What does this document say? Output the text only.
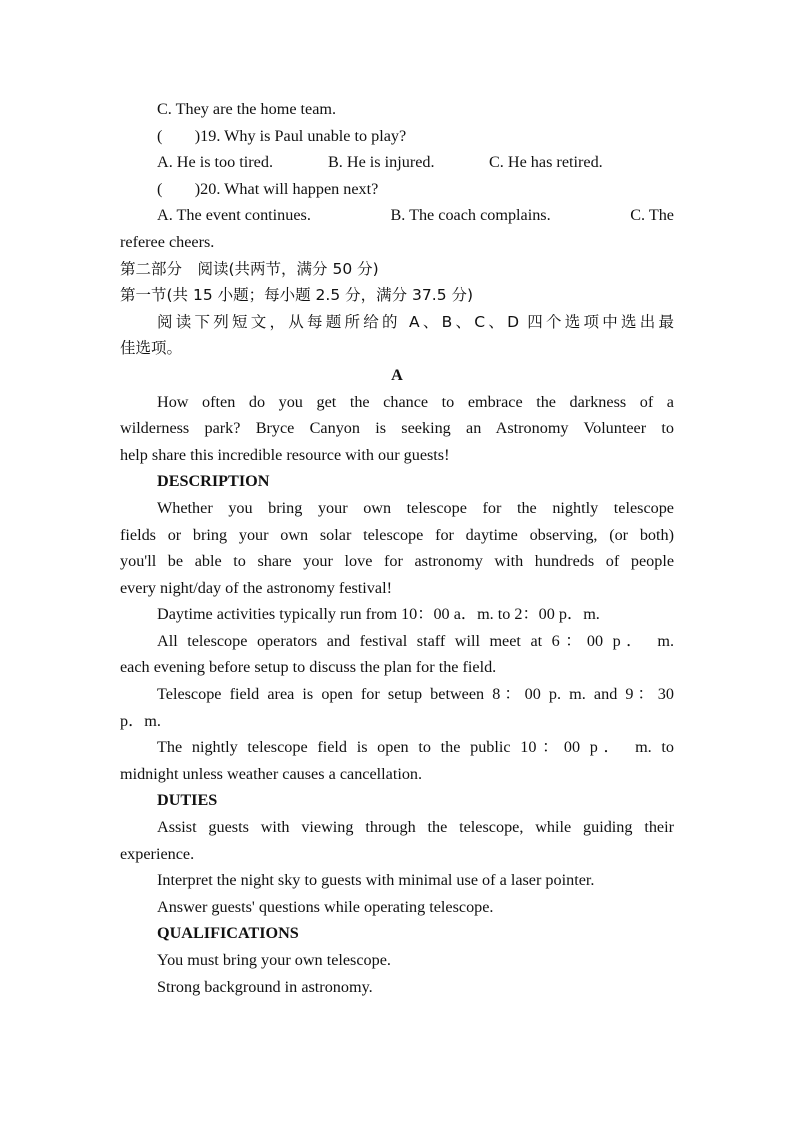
C. They are the home team.
(　　)19. Why is Paul unable to play?
A. He is too tired.	B. He is injured.	C. He has retired.
(　　)20. What will happen next?
A. The event continues.	B. The coach complains.	C. The
referee cheers.
第二部分　阅读(共两节，满分 50 分)
第一节(共 15 小题；每小题 2.5 分，满分 37.5 分)
阅读下列短文，从每题所给的 A、B、C、D 四个选项中选出最
佳选项。
A
How often do you get the chance to embrace the darkness of a
wilderness park? Bryce Canyon is seeking an Astronomy Volunteer to
help share this incredible resource with our guests!
DESCRIPTION
Whether you bring your own telescope for the nightly telescope
fields or bring your own solar telescope for daytime observing, (or both)
you'll be able to share your love for astronomy with hundreds of people
every night/day of the astronomy festival!
Daytime activities typically run from 10：00 a．m. to 2：00 p．m.
All telescope operators and festival staff will meet at 6：00 p． m.
each evening before setup to discuss the plan for the field.
Telescope field area is open for setup between 8：00 p. m. and 9：30
p．m.
The nightly telescope field is open to the public 10：00 p． m. to
midnight unless weather causes a cancellation.
DUTIES
Assist guests with viewing through the telescope, while guiding their
experience.
Interpret the night sky to guests with minimal use of a laser pointer.
Answer guests' questions while operating telescope.
QUALIFICATIONS
You must bring your own telescope.
Strong background in astronomy.
